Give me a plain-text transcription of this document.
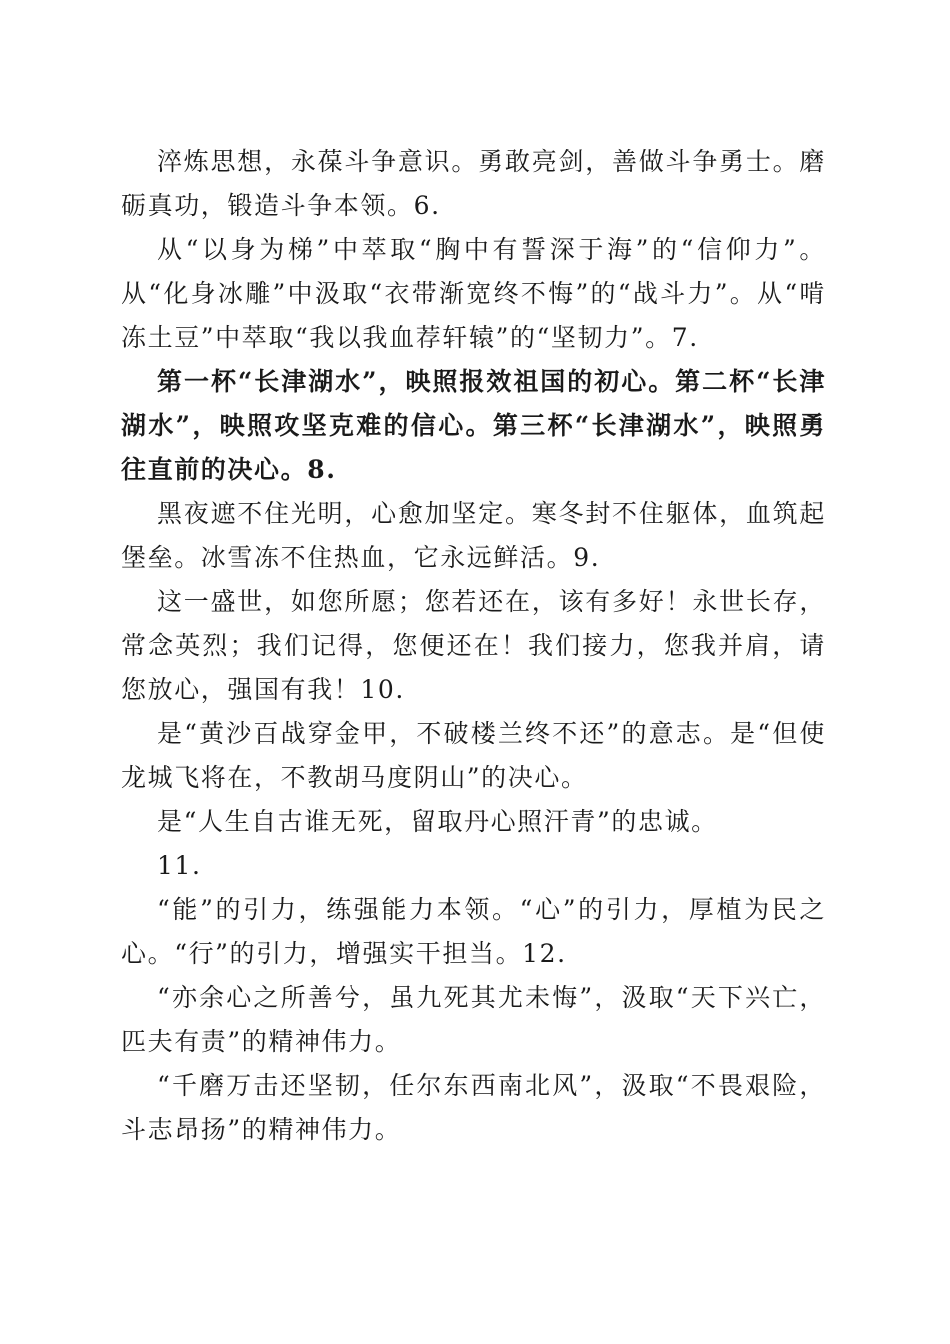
淬炼思想，永葆斗争意识。勇敢亮剑，善做斗争勇士。磨砺真功，锻造斗争本领。6.

从“以身为梯”中萃取“胸中有誓深于海”的“信仰力”。从“化身冰雕”中汲取“衣带渐宽终不悔”的“战斗力”。从“啃冻土豆”中萃取“我以我血荐轩辕”的“坚韧力”。7.

第一杯“长津湖水”，映照报效祖国的初心。第二杯“长津湖水”，映照攻坚克难的信心。第三杯“长津湖水”，映照勇往直前的决心。8.

黑夜遮不住光明，心愈加坚定。寒冬封不住躯体，血筑起堡垒。冰雪冻不住热血，它永远鲜活。9.

这一盛世，如您所愿；您若还在，该有多好！永世长存，常念英烈；我们记得，您便还在！我们接力，您我并肩，请您放心，强国有我！10.

是“黄沙百战穿金甲，不破楼兰终不还”的意志。是“但使龙城飞将在，不教胡马度阴山”的决心。

是“人生自古谁无死，留取丹心照汗青”的忠诚。

11.

“能”的引力，练强能力本领。“心”的引力，厚植为民之心。“行”的引力，增强实干担当。12.

“亦余心之所善兮，虽九死其尤未悔”，汲取“天下兴亡，匹夫有责”的精神伟力。

“千磨万击还坚韧，任尔东西南北风”，汲取“不畏艰险，斗志昂扬”的精神伟力。
